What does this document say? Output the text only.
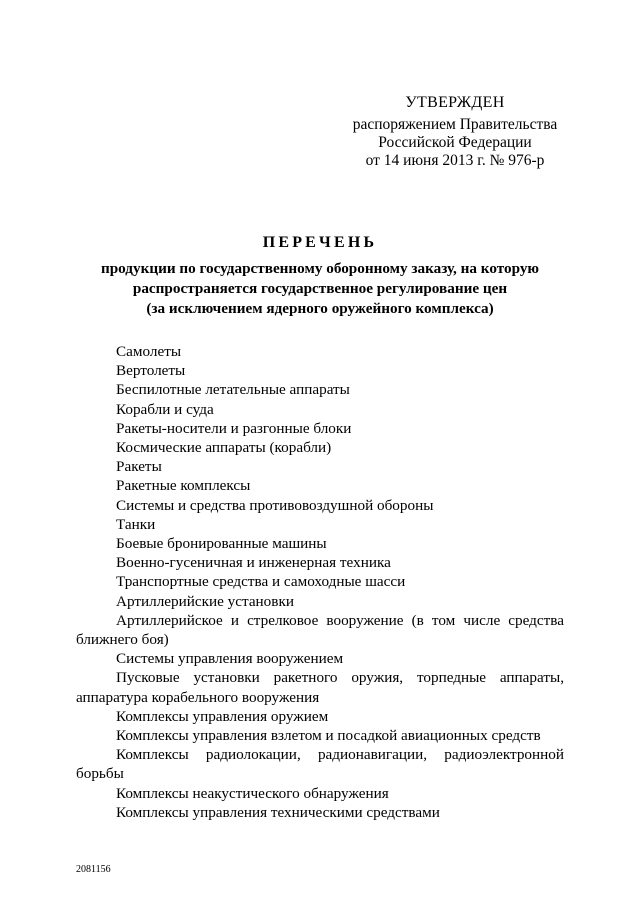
УТВЕРЖДЕН
распоряжением Правительства
Российской Федерации
от 14 июня 2013 г. № 976-р
ПЕРЕЧЕНЬ
продукции по государственному оборонному заказу, на которую
распространяется государственное регулирование цен
(за исключением ядерного оружейного комплекса)
Самолеты
Вертолеты
Беспилотные летательные аппараты
Корабли и суда
Ракеты-носители и разгонные блоки
Космические аппараты (корабли)
Ракеты
Ракетные комплексы
Системы и средства противовоздушной обороны
Танки
Боевые бронированные машины
Военно-гусеничная и инженерная техника
Транспортные средства и самоходные шасси
Артиллерийские установки
Артиллерийское и стрелковое вооружение (в том числе средства ближнего боя)
Системы управления вооружением
Пусковые установки ракетного оружия, торпедные аппараты, аппаратура корабельного вооружения
Комплексы управления оружием
Комплексы управления взлетом и посадкой авиационных средств
Комплексы радиолокации, радионавигации, радиоэлектронной борьбы
Комплексы неакустического обнаружения
Комплексы управления техническими средствами
2081156
